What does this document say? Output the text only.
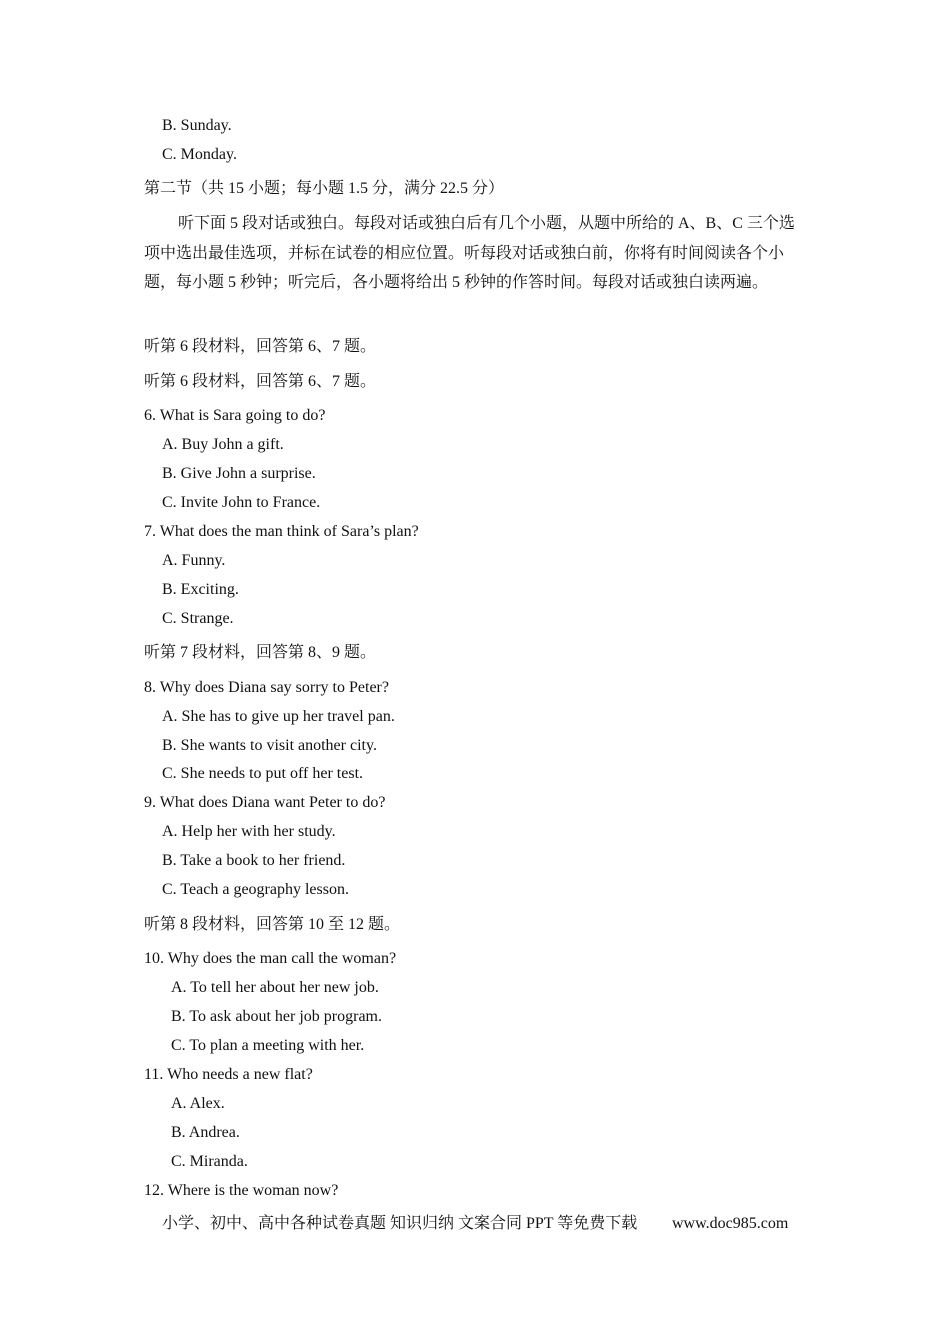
B. Sunday.
C. Monday.
第二节（共 15 小题；每小题 1.5 分，满分 22.5 分）
听下面 5 段对话或独白。每段对话或独白后有几个小题，从题中所给的 A、B、C 三个选项中选出最佳选项，并标在试卷的相应位置。听每段对话或独白前，你将有时间阅读各个小题，每小题 5 秒钟；听完后，各小题将给出 5 秒钟的作答时间。每段对话或独白读两遍。
听第 6 段材料，回答第 6、7 题。
听第 6 段材料，回答第 6、7 题。
6. What is Sara going to do?
A. Buy John a gift.
B. Give John a surprise.
C. Invite John to France.
7. What does the man think of Sara’s plan?
A. Funny.
B. Exciting.
C. Strange.
听第 7 段材料，回答第 8、9 题。
8. Why does Diana say sorry to Peter?
A. She has to give up her travel pan.
B. She wants to visit another city.
C. She needs to put off her test.
9. What does Diana want Peter to do?
A. Help her with her study.
B. Take a book to her friend.
C. Teach a geography lesson.
听第 8 段材料，回答第 10 至 12 题。
10. Why does the man call the woman?
A. To tell her about her new job.
B. To ask about her job program.
C. To plan a meeting with her.
11. Who needs a new flat?
A. Alex.
B. Andrea.
C. Miranda.
12. Where is the woman now?
小学、初中、高中各种试卷真题 知识归纳 文案合同 PPT 等免费下载 www.doc985.com
